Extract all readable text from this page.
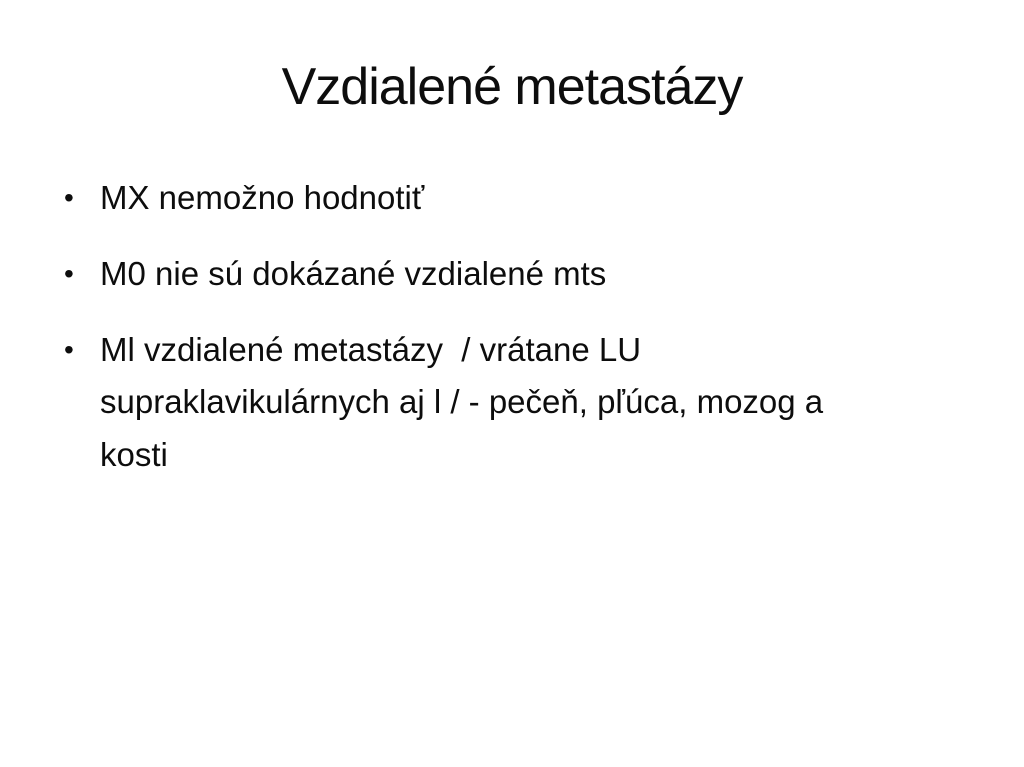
Vzdialené metastázy
• MX nemožno hodnotiť
• M0 nie sú dokázané vzdialené mts
• Ml vzdialené metastázy  / vrátane LU supraklavikulárnych aj l / - pečeň, pľúca, mozog a kosti
